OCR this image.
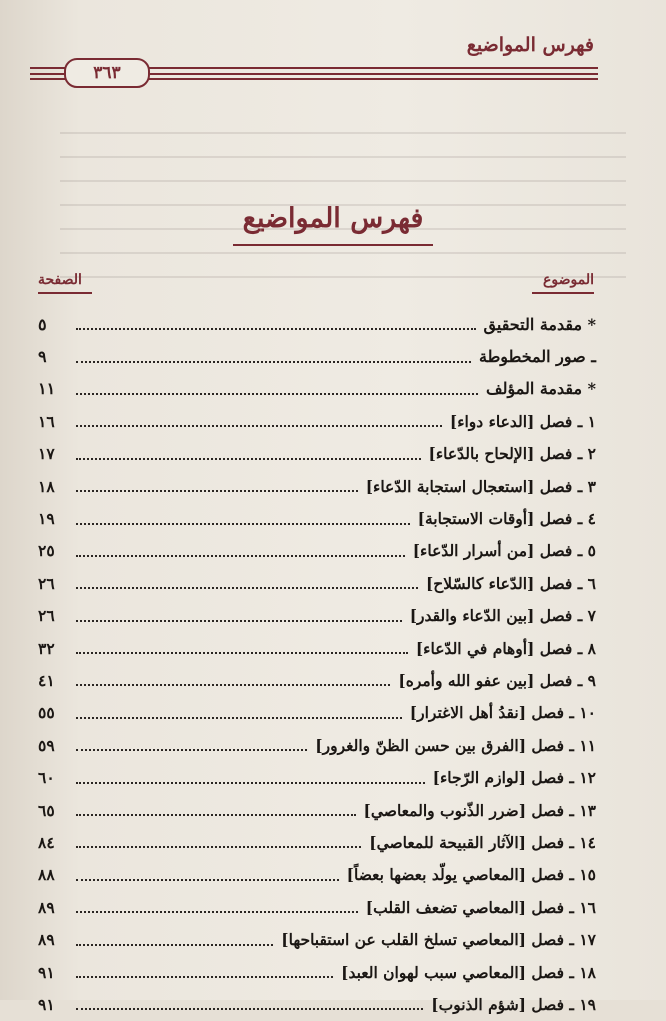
فهرس المواضيع
٣٦٣
فهرس المواضيع
الموضوع
الصفحة
* مقدمة التحقيق
٥
ـ صور المخطوطة
٩
* مقدمة المؤلف
١١
١ ـ فصل [الدعاء دواء]
١٦
٢ ـ فصل [الإلحاح بالدّعاء]
١٧
٣ ـ فصل [استعجال استجابة الدّعاء]
١٨
٤ ـ فصل [أوقات الاستجابة]
١٩
٥ ـ فصل [من أسرار الدّعاء]
٢٥
٦ ـ فصل [الدّعاء كالسّلاح]
٢٦
٧ ـ فصل [بين الدّعاء والقدر]
٢٦
٨ ـ فصل [أوهام في الدّعاء]
٣٢
٩ ـ فصل [بين عفو الله وأمره]
٤١
١٠ ـ فصل [نقدُ أهل الاغترار]
٥٥
١١ ـ فصل [الفرق بين حسن الظنّ والغرور]
٥٩
١٢ ـ فصل [لوازم الرّجاء]
٦٠
١٣ ـ فصل [ضرر الذّنوب والمعاصي]
٦٥
١٤ ـ فصل [الآثار القبيحة للمعاصي]
٨٤
١٥ ـ فصل [المعاصي يولّد بعضها بعضاً]
٨٨
١٦ ـ فصل [المعاصي تضعف القلب]
٨٩
١٧ ـ فصل [المعاصي تسلخ القلب عن استقباحها]
٨٩
١٨ ـ فصل [المعاصي سبب لهوان العبد]
٩١
١٩ ـ فصل [شؤم الذنوب]
٩١
